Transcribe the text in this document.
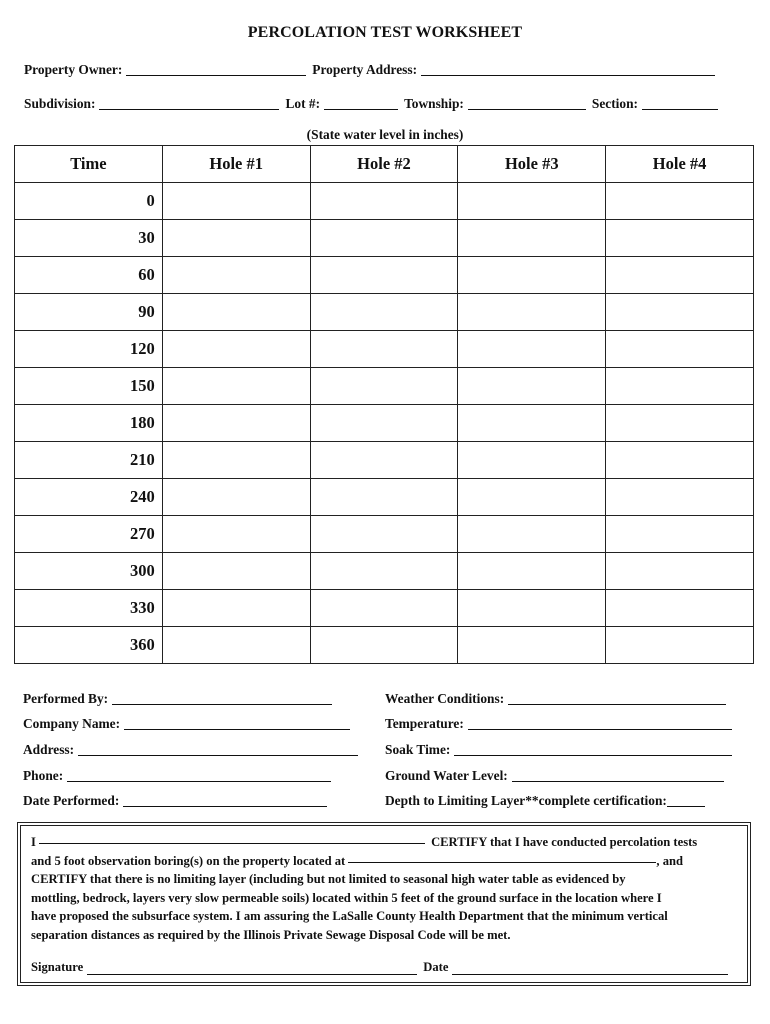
PERCOLATION TEST WORKSHEET
Property Owner:	Property Address:
Subdivision:	Lot #:	Township:	Section:
(State water level in inches)
Time	Hole #1	Hole #2	Hole #3	Hole #4
0				
30				
60				
90				
120				
150				
180				
210				
240				
270				
300				
330				
360				
Performed By:
Company Name:
Address:
Phone:
Date Performed:
Weather Conditions:
Temperature:
Soak Time:
Ground Water Level:
Depth to Limiting Layer**complete certification:

I	CERTIFY that I have conducted percolation tests

and 5 foot observation boring(s) on the property located at	, and

CERTIFY that there is no limiting layer (including but not limited to seasonal high water table as evidenced by

mottling, bedrock, layers very slow permeable soils) located within 5 feet of the ground surface in the location where I

have proposed the subsurface system. I am assuring the LaSalle County Health Department that the minimum vertical

separation distances as required by the Illinois Private Sewage Disposal Code will be met.

Signature	Date
